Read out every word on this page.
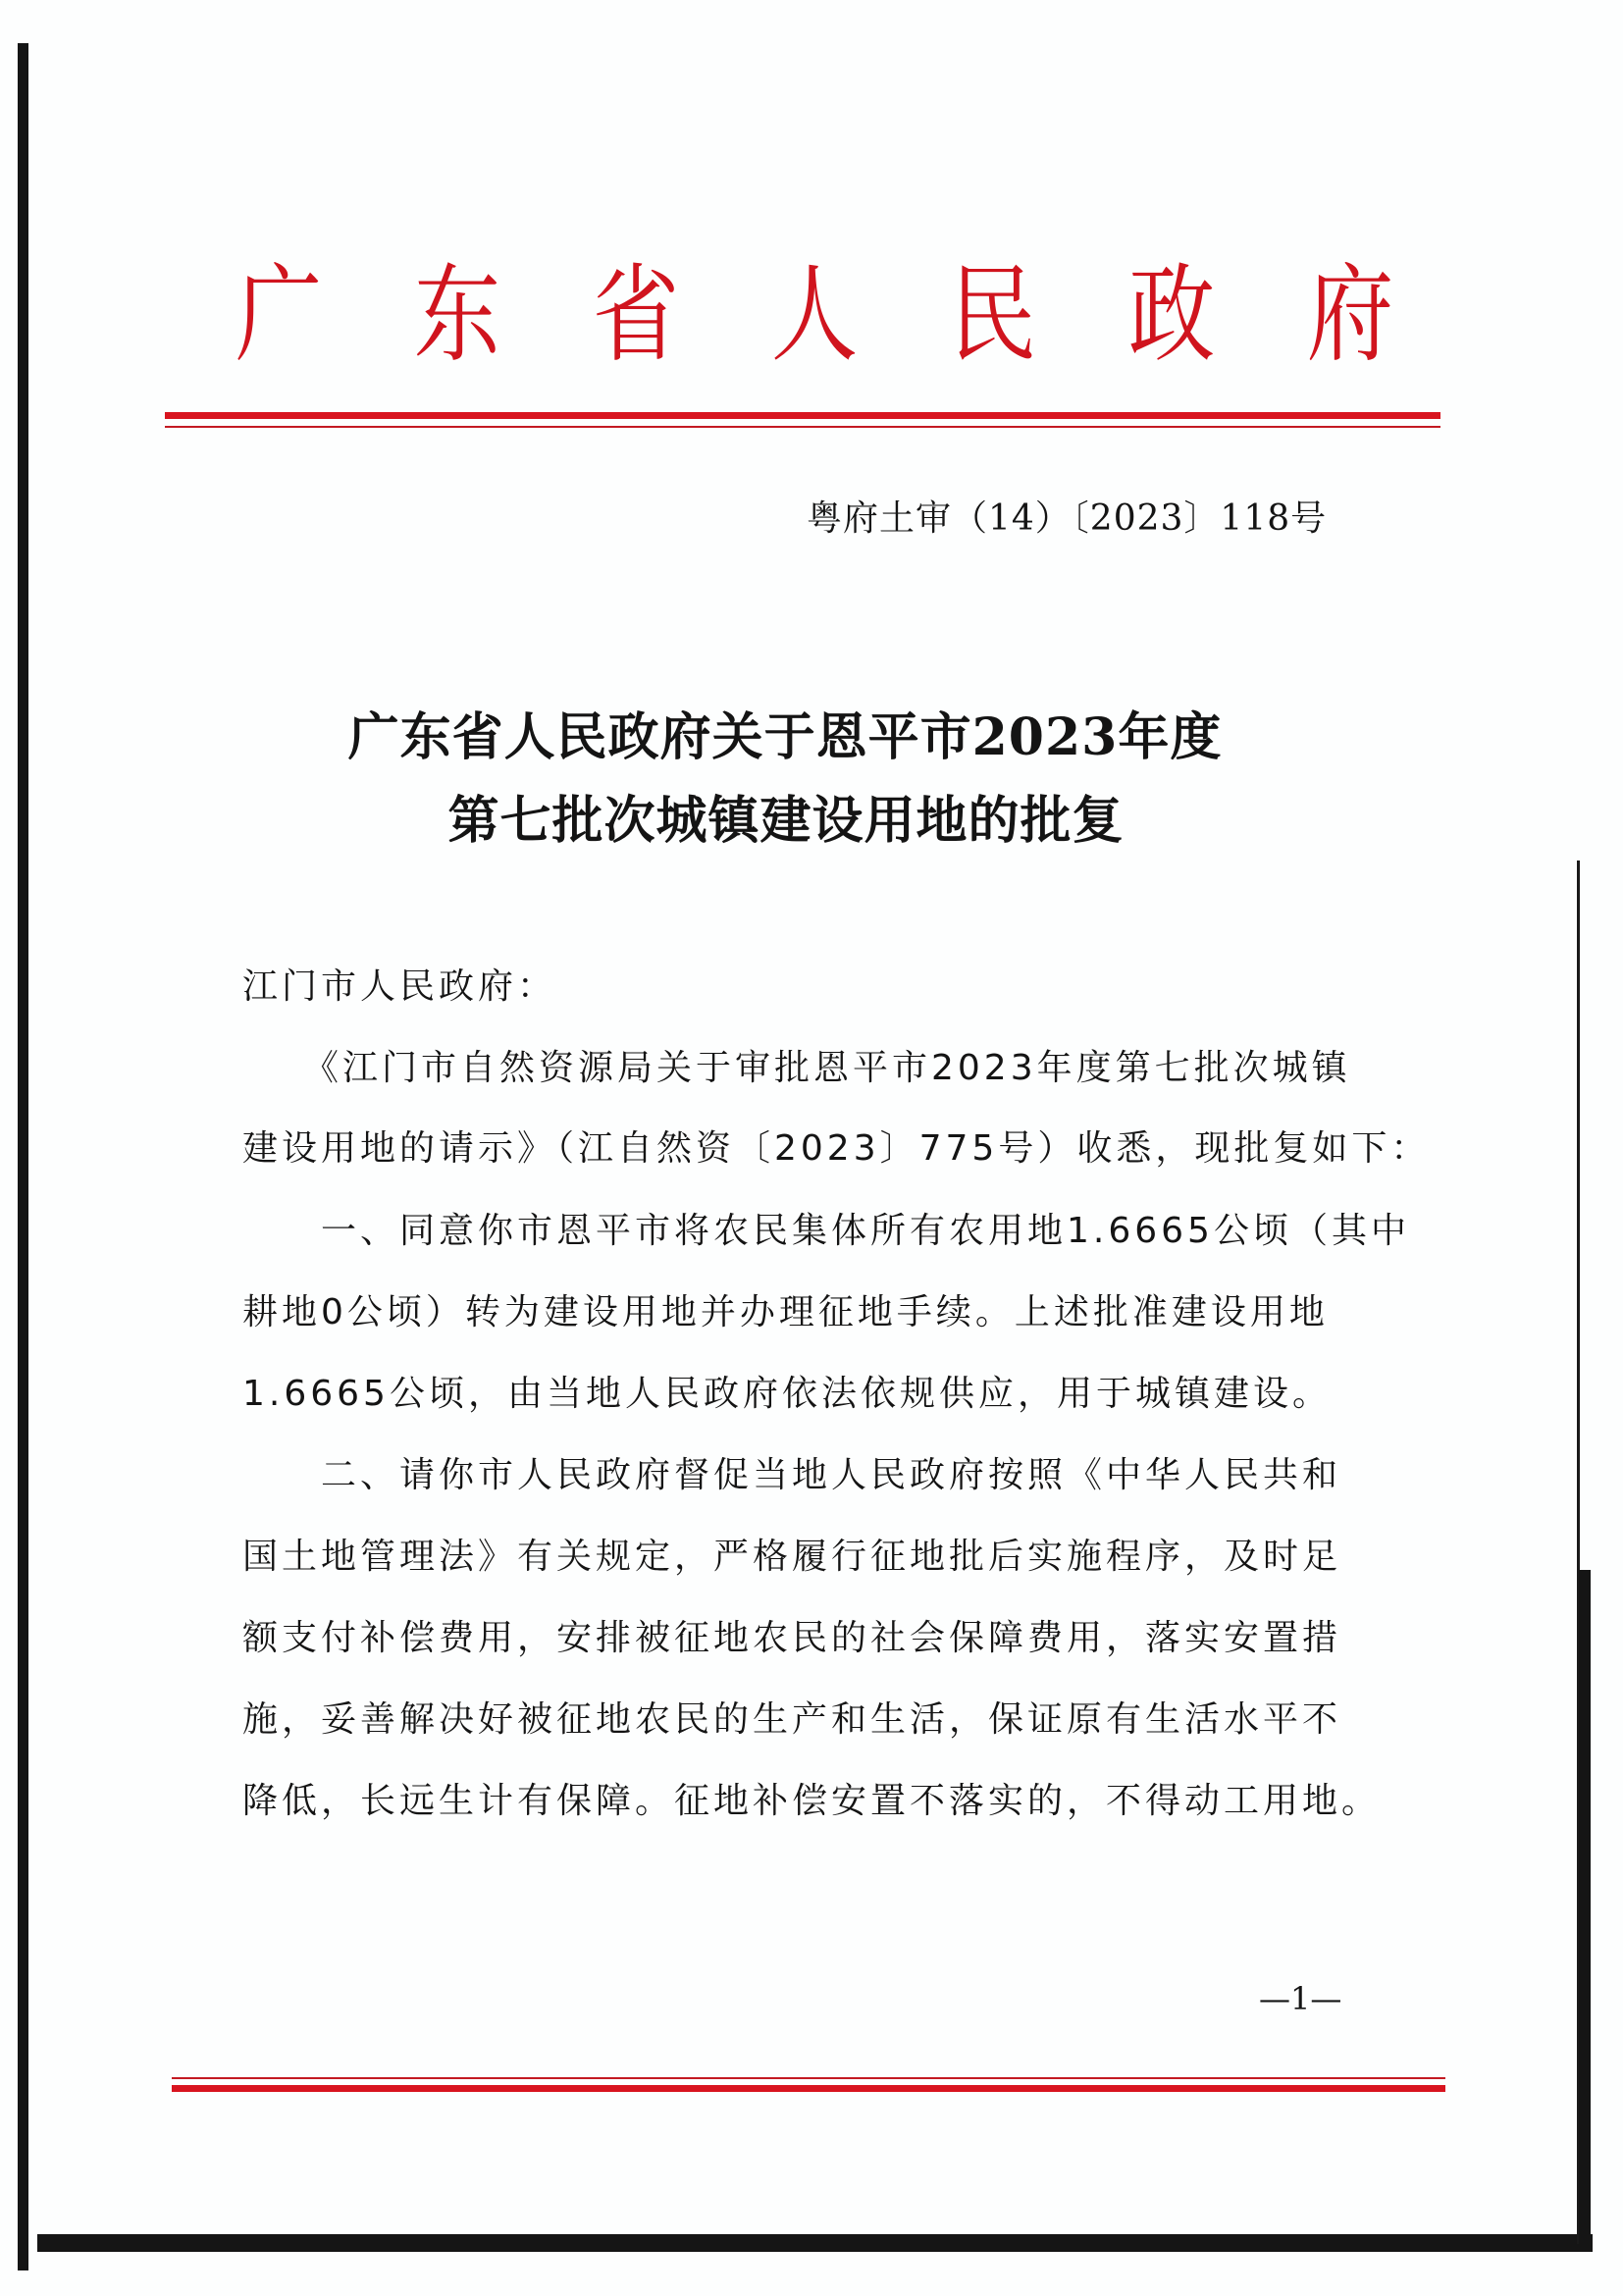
广 东 省 人 民 政 府
粤府土审（14）〔2023〕118号
广东省人民政府关于恩平市2023年度
第七批次城镇建设用地的批复
江门市人民政府：
　　《江门市自然资源局关于审批恩平市2023年度第七批次城镇
建设用地的请示》（江自然资〔2023〕775号）收悉，现批复如下：
　　一、同意你市恩平市将农民集体所有农用地1.6665公顷（其中
耕地0公顷）转为建设用地并办理征地手续。上述批准建设用地
1.6665公顷，由当地人民政府依法依规供应，用于城镇建设。
　　二、请你市人民政府督促当地人民政府按照《中华人民共和
国土地管理法》有关规定，严格履行征地批后实施程序，及时足
额支付补偿费用，安排被征地农民的社会保障费用，落实安置措
施，妥善解决好被征地农民的生产和生活，保证原有生活水平不
降低，长远生计有保障。征地补偿安置不落实的，不得动工用地。
—1—
